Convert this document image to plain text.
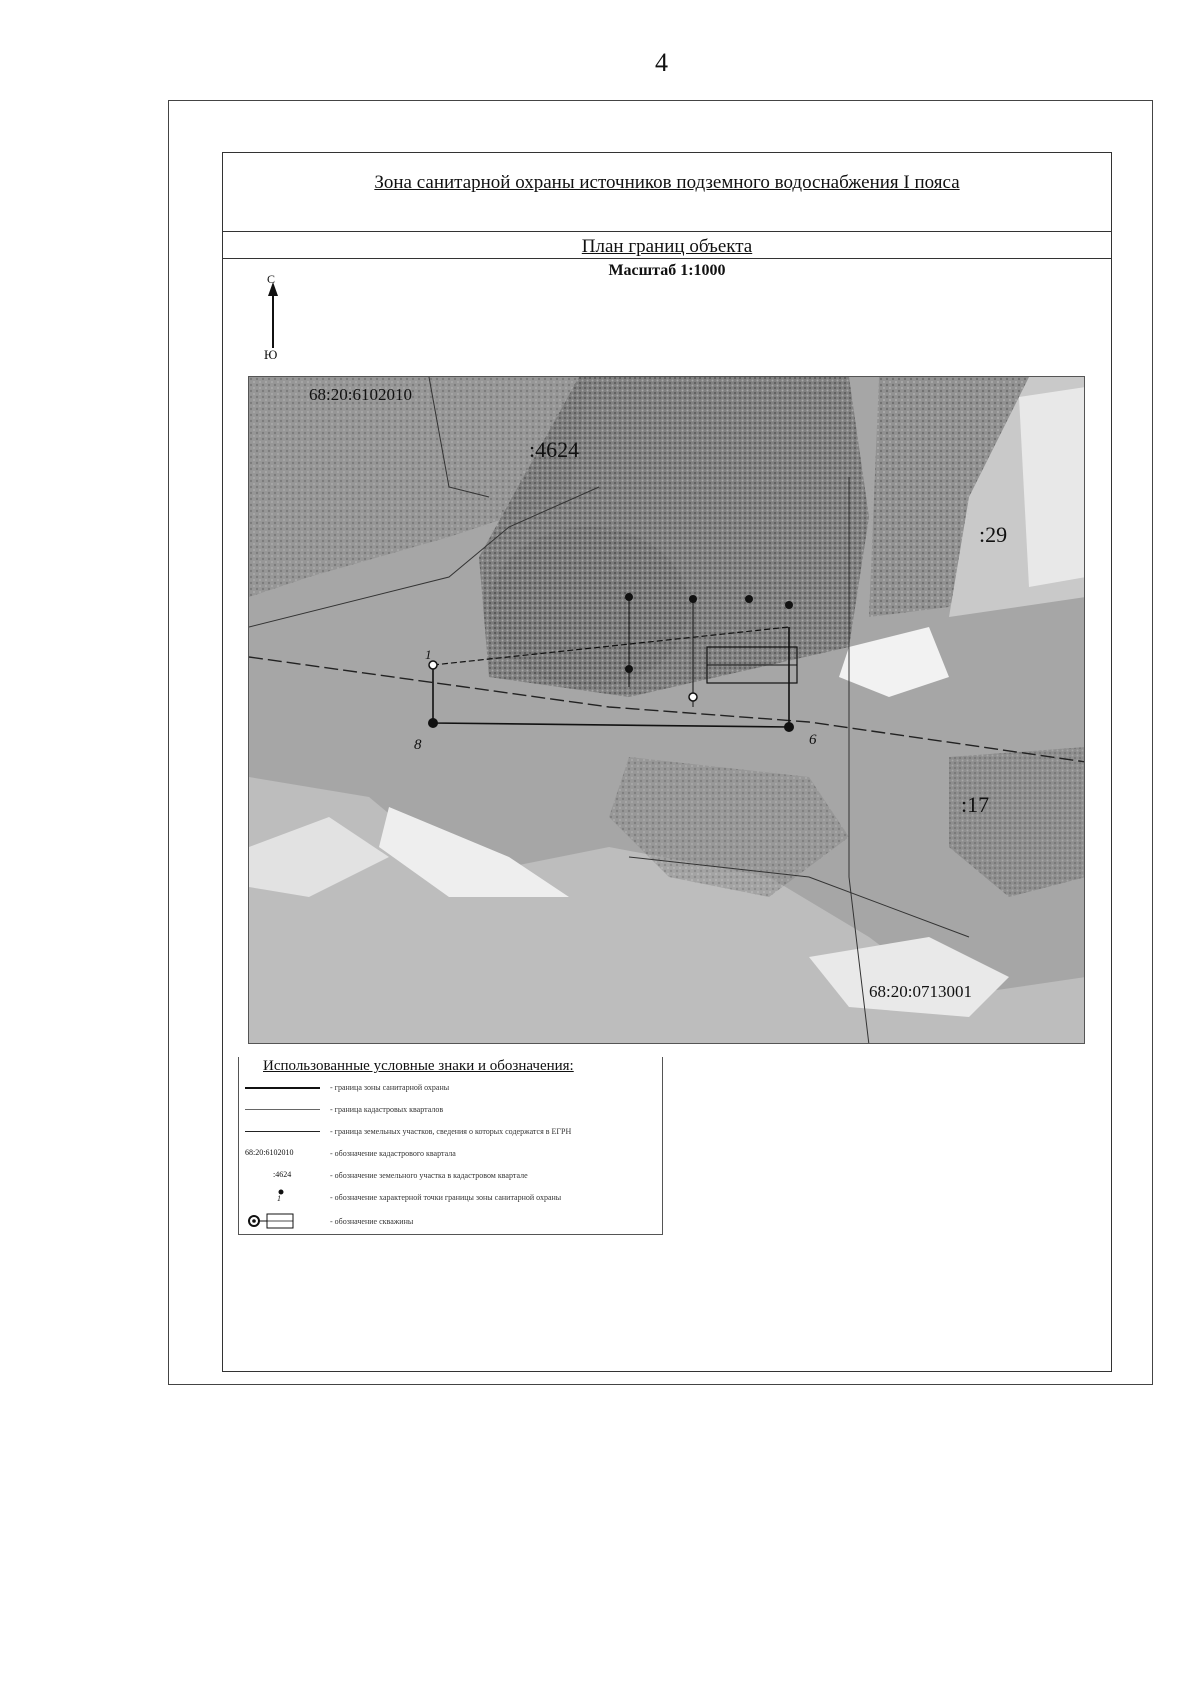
4
Зона санитарной охраны источников подземного водоснабжения I пояса
План границ объекта
Масштаб 1:1000
С
Ю
68:20:6102010
:4624
:29
:17
68:20:0713001
1
8	6
Использованные условные знаки и обозначения:
- граница зоны санитарной охраны
- граница кадастровых кварталов
- граница земельных участков, сведения о которых содержатся в ЕГРН
68:20:6102010	- обозначение кадастрового квартала
:4624	- обозначение земельного участка в кадастровом квартале
1	- обозначение характерной точки границы зоны санитарной охраны
- обозначение скважины
